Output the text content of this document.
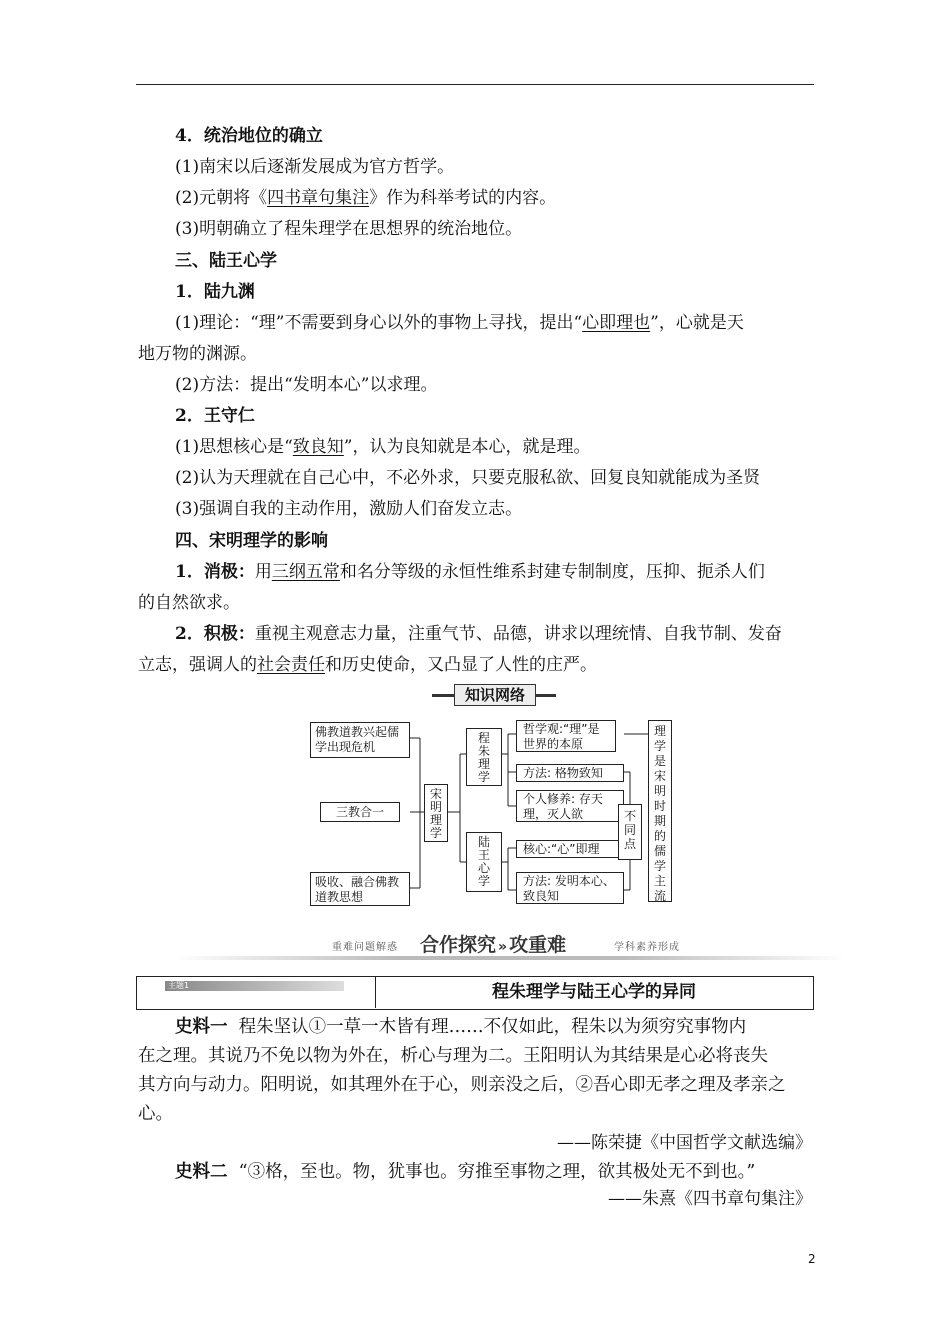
4．统治地位的确立
(1)南宋以后逐渐发展成为官方哲学。
(2)元朝将《四书章句集注》作为科举考试的内容。
(3)明朝确立了程朱理学在思想界的统治地位。
三、陆王心学
1．陆九渊
(1)理论：“理”不需要到身心以外的事物上寻找，提出“心即理也”，心就是天
地万物的渊源。
(2)方法：提出“发明本心”以求理。
2．王守仁
(1)思想核心是“致良知”，认为良知就是本心，就是理。
(2)认为天理就在自己心中，不必外求，只要克服私欲、回复良知就能成为圣贤
(3)强调自我的主动作用，激励人们奋发立志。
四、宋明理学的影响
1．消极：用三纲五常和名分等级的永恒性维系封建专制制度，压抑、扼杀人们
的自然欲求。
2．积极：重视主观意志力量，注重气节、品德，讲求以理统情、自我节制、发奋
立志，强调人的社会责任和历史使命，又凸显了人性的庄严。
知识网络
佛教道教兴起儒学出现危机
三教合一
吸收、融合佛教道教思想
宋明理学
程朱理学
陆王心学
哲学观:“理”是世界的本原
方法: 格物致知
个人修养: 存天理，灭人欲
核心:“心”即理
方法: 发明本心、致良知
不同点
理学是宋明时期的儒学主流
重难问题解惑 合作探究 » 攻重难	学科素养形成
主题1	程朱理学与陆王心学的异同
史料一 程朱坚认①一草一木皆有理……不仅如此，程朱以为须穷究事物内
在之理。其说乃不免以物为外在，析心与理为二。王阳明认为其结果是心必将丧失
其方向与动力。阳明说，如其理外在于心，则亲没之后，②吾心即无孝之理及孝亲之
心。
——陈荣捷《中国哲学文献选编》
史料二 “③格，至也。物，犹事也。穷推至事物之理，欲其极处无不到也。”
——朱熹《四书章句集注》
2
